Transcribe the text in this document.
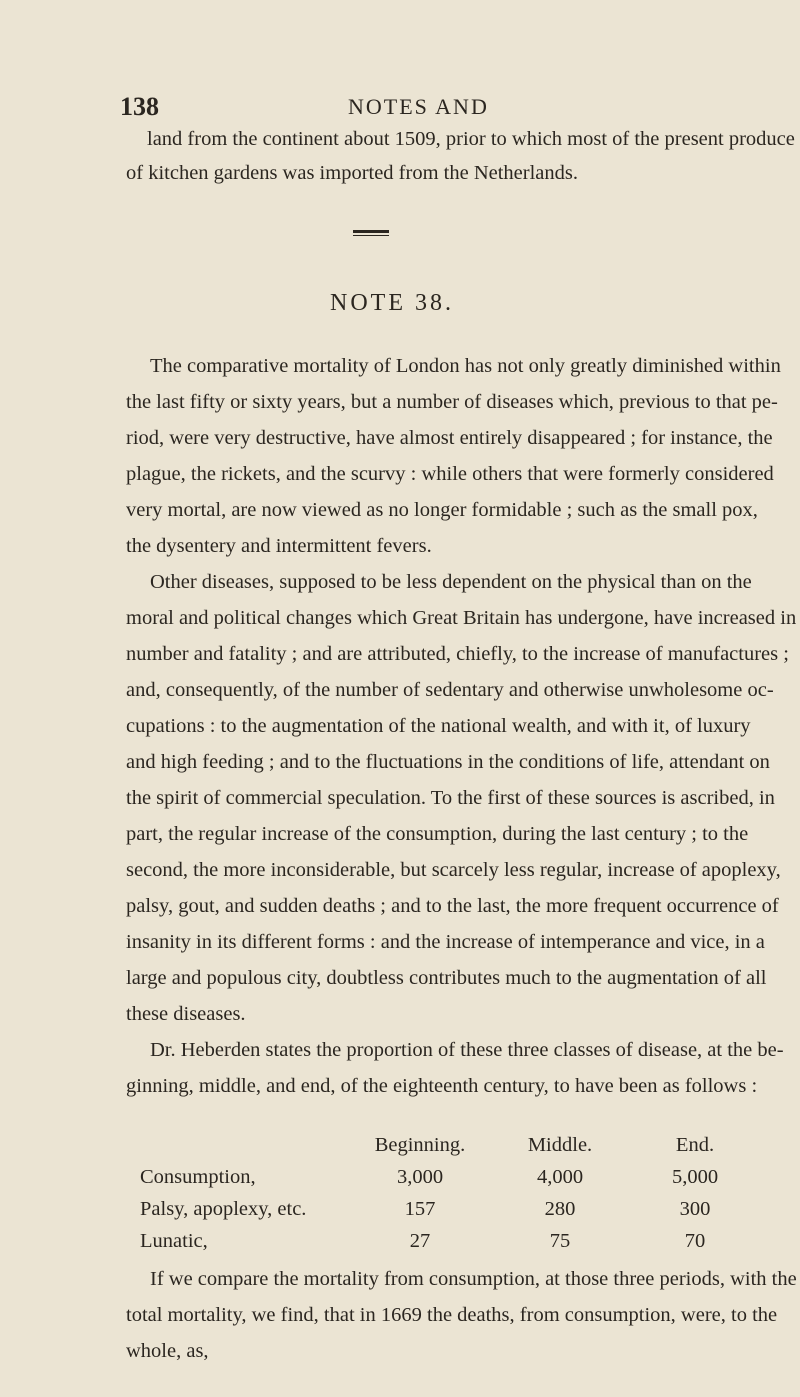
138	NOTES AND
land from the continent about 1509, prior to which most of the present produce
of kitchen gardens was imported from the Netherlands.
NOTE 38.
The comparative mortality of London has not only greatly diminished within
the last fifty or sixty years, but a number of diseases which, previous to that pe-
riod, were very destructive, have almost entirely disappeared ; for instance, the
plague, the rickets, and the scurvy : while others that were formerly considered
very mortal, are now viewed as no longer formidable ; such as the small pox,
the dysentery and intermittent fevers.
Other diseases, supposed to be less dependent on the physical than on the
moral and political changes which Great Britain has undergone, have increased in
number and fatality ; and are attributed, chiefly, to the increase of manufactures ;
and, consequently, of the number of sedentary and otherwise unwholesome oc-
cupations : to the augmentation of the national wealth, and with it, of luxury
and high feeding ; and to the fluctuations in the conditions of life, attendant on
the spirit of commercial speculation. To the first of these sources is ascribed, in
part, the regular increase of the consumption, during the last century ; to the
second, the more inconsiderable, but scarcely less regular, increase of apoplexy,
palsy, gout, and sudden deaths ; and to the last, the more frequent occurrence of
insanity in its different forms : and the increase of intemperance and vice, in a
large and populous city, doubtless contributes much to the augmentation of all
these diseases.
Dr. Heberden states the proportion of these three classes of disease, at the be-
ginning, middle, and end, of the eighteenth century, to have been as follows :
	Beginning.	Middle.	End.
Consumption,	3,000	4,000	5,000
Palsy, apoplexy, etc.	157	280	300
Lunatic,	27	75	70
If we compare the mortality from consumption, at those three periods, with the
total mortality, we find, that in 1669 the deaths, from consumption, were, to the
whole, as,
